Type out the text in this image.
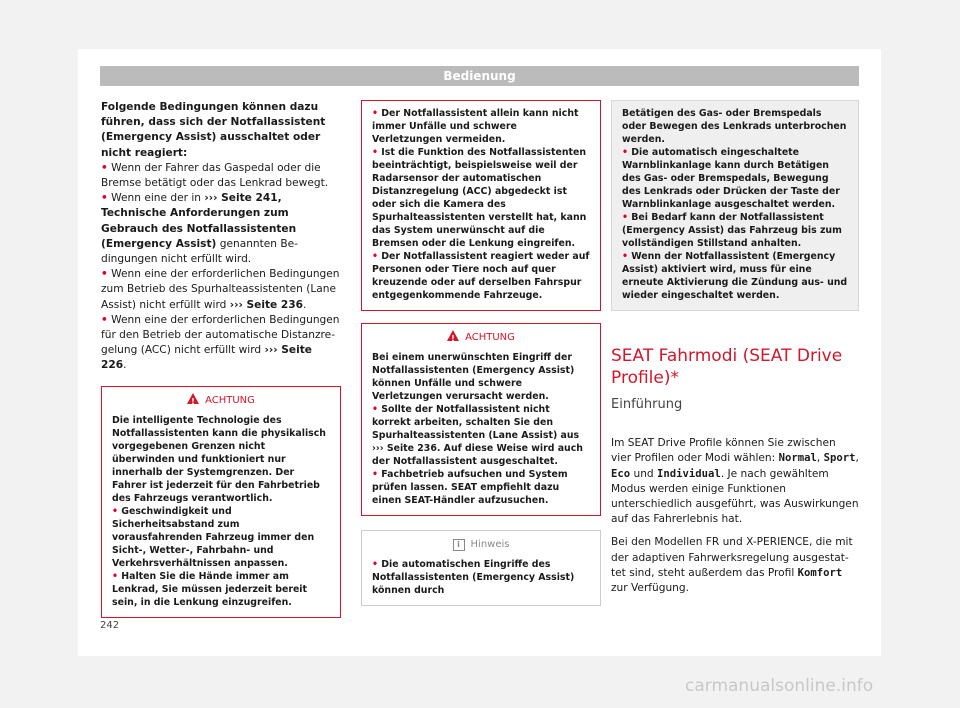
Bedienung

Folgende Bedingungen können dazu führen, dass sich der Notfallassistent (Emergency Assist) ausschaltet oder nicht reagiert:

• Wenn der Fahrer das Gaspedal oder die Bremse betätigt oder das Lenkrad bewegt.

• Wenn eine der in ››› Seite 241, Technische Anforderungen zum Gebrauch des Notfallassistenten (Emergency Assist) genannten Bedingungen nicht erfüllt wird.

• Wenn eine der erforderlichen Bedingungen zum Betrieb des Spurhalteassistenten (Lane Assist) nicht erfüllt wird ››› Seite 236.

• Wenn eine der erforderlichen Bedingungen für den Betrieb der automatische Distanzregelung (ACC) nicht erfüllt wird ››› Seite 226.

!ACHTUNG

Die intelligente Technologie des Notfallassistenten kann die physikalisch vorgegebenen Grenzen nicht überwinden und funktioniert nur innerhalb der Systemgrenzen. Der Fahrer ist jederzeit für den Fahrbetrieb des Fahrzeugs verantwortlich.

• Geschwindigkeit und Sicherheitsabstand zum vorausfahrenden Fahrzeug immer den Sicht-, Wetter-, Fahrbahn- und Verkehrsverhältnissen anpassen.

• Halten Sie die Hände immer am Lenkrad, Sie müssen jederzeit bereit sein, in die Lenkung einzugreifen.

• Der Notfallassistent allein kann nicht immer Unfälle und schwere Verletzungen vermeiden.

• Ist die Funktion des Notfallassistenten beeinträchtigt, beispielsweise weil der Radarsensor der automatischen Distanzregelung (ACC) abgedeckt ist oder sich die Kamera des Spurhalteassistenten verstellt hat, kann das System unerwünscht auf die Bremsen oder die Lenkung eingreifen.

• Der Notfallassistent reagiert weder auf Personen oder Tiere noch auf quer kreuzende oder auf derselben Fahrspur entgegenkommende Fahrzeuge.

!ACHTUNG

Bei einem unerwünschten Eingriff der Notfallassistenten (Emergency Assist) können Unfälle und schwere Verletzungen verursacht werden.

• Sollte der Notfallassistent nicht korrekt arbeiten, schalten Sie den Spurhalteassistenten (Lane Assist) aus ››› Seite 236. Auf diese Weise wird auch der Notfallassistent ausgeschaltet.

• Fachbetrieb aufsuchen und System prüfen lassen. SEAT empfiehlt dazu einen SEAT-Händler aufzusuchen.

i Hinweis

• Die automatischen Eingriffe des Notfallassistenten (Emergency Assist) können durch

Betätigen des Gas- oder Bremspedals oder Bewegen des Lenkrads unterbrochen werden.

• Die automatisch eingeschaltete Warnblinkanlage kann durch Betätigen des Gas- oder Bremspedals, Bewegung des Lenkrads oder Drücken der Taste der Warnblinkanlage ausgeschaltet werden.

• Bei Bedarf kann der Notfallassistent (Emergency Assist) das Fahrzeug bis zum vollständigen Stillstand anhalten.

• Wenn der Notfallassistent (Emergency Assist) aktiviert wird, muss für eine erneute Aktivierung die Zündung aus- und wieder eingeschaltet werden.

SEAT Fahrmodi (SEAT Drive Profile)*
Einführung

Im SEAT Drive Profile können Sie zwischen vier Profilen oder Modi wählen: Normal, Sport, Eco und Individual. Je nach gewähltem Modus werden einige Funktionen unterschiedlich ausgeführt, was Auswirkungen auf das Fahrerlebnis hat.

Bei den Modellen FR und X-PERIENCE, die mit der adaptiven Fahrwerksregelung ausgestattet sind, steht außerdem das Profil Komfort zur Verfügung.

242
carmanualsonline.info
